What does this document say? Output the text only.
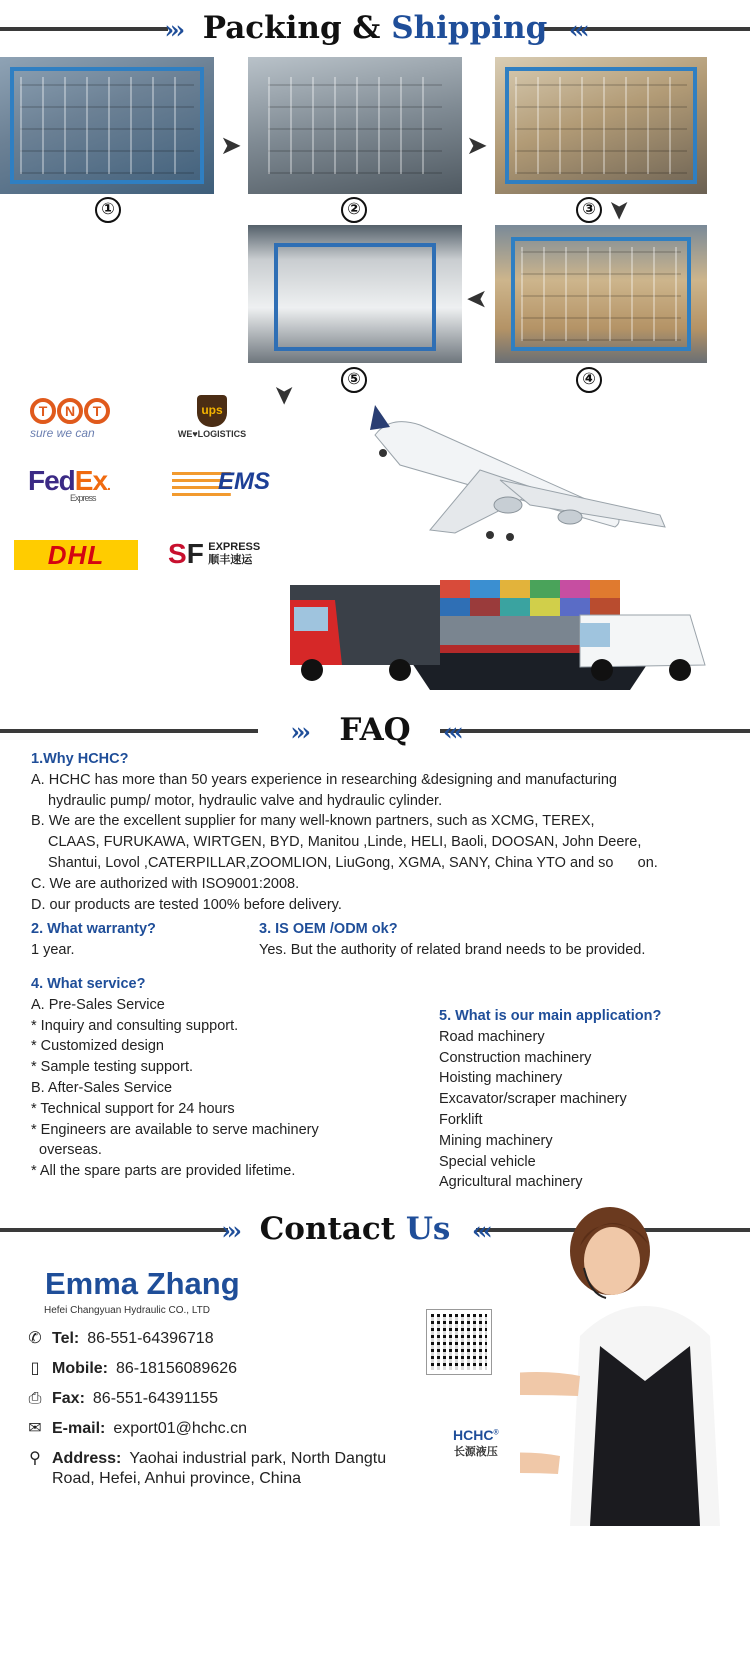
»› Packing & Shipping ‹«
➤	➤
①	②	③ ➤
➤
⑤	④
➤
T N T
sure we can
ups
WE♥LOGISTICS
FedEx.
Express
EMS
DHL	SF EXPRESS
顺丰速运
»› FAQ ‹«
1.Why HCHC?
A. HCHC has more than 50 years experience in researching &designing and manufacturing
hydraulic pump/ motor, hydraulic valve and hydraulic cylinder.
B. We are the excellent supplier for many well-known partners, such as XCMG, TEREX,
CLAAS, FURUKAWA, WIRTGEN, BYD, Manitou ,Linde, HELI, Baoli, DOOSAN, John Deere,
Shantui, Lovol ,CATERPILLAR,ZOOMLION, LiuGong, XGMA, SANY, China YTO and so      on.
C. We are authorized with ISO9001:2008.
D. our products are tested 100% before delivery.
2. What warranty?
1 year.
3. IS OEM /ODM ok?
Yes. But the authority of related brand needs to be provided.
4. What service?
A. Pre-Sales Service
* Inquiry and consulting support.
* Customized design
* Sample testing support.
B. After-Sales Service
* Technical support for 24 hours
* Engineers are available to serve machinery
overseas.
* All the spare parts are provided lifetime.
5. What is our main application?
Road machinery
Construction machinery
Hoisting machinery
Excavator/scraper machinery
Forklift
Mining machinery
Special vehicle
Agricultural machinery
»› Contact Us ‹«
Emma Zhang
Hefei Changyuan Hydraulic CO., LTD
✆ Tel: 86-551-64396718
▯ Mobile: 86-18156089626
⎙ Fax: 86-551-64391155
✉ E-mail: export01@hchc.cn
⚲ Address: Yaohai industrial park, North Dangtu
Road, Hefei, Anhui province, China
HCHC®
长源液压
